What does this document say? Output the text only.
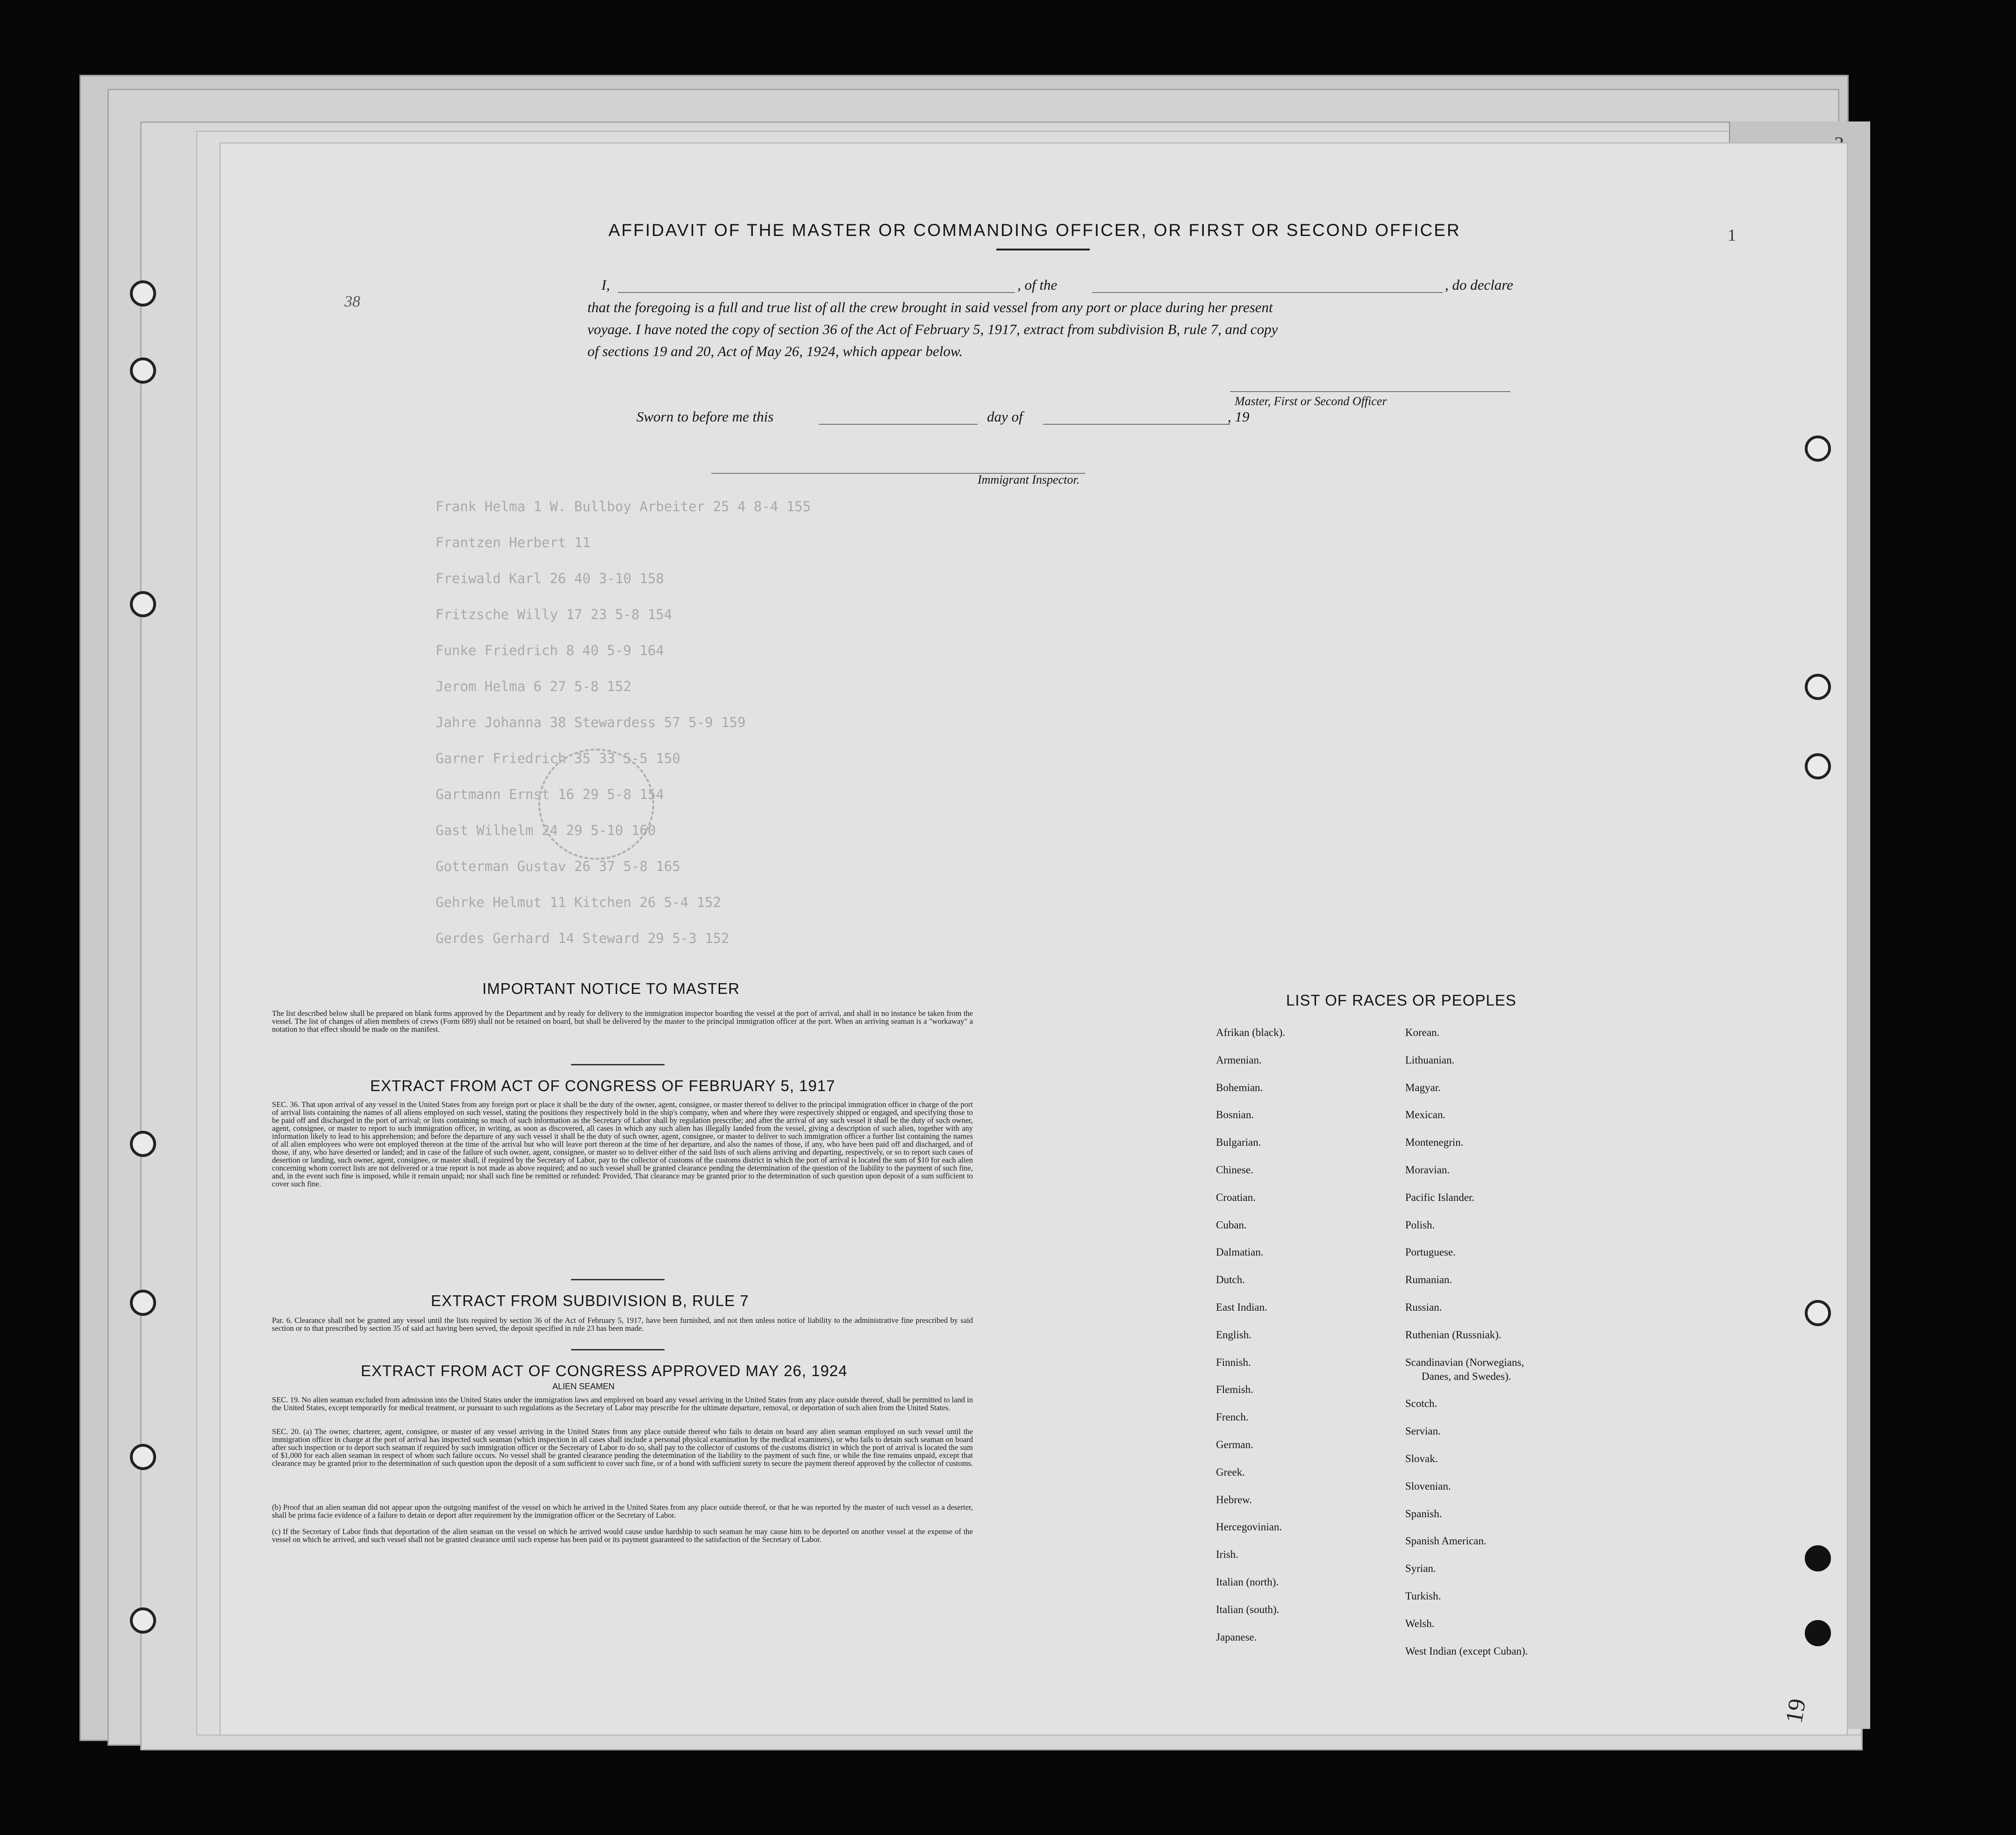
38
1
19
Frank Helma 1 W. Bullboy Arbeiter 25 4 8-4 155
Frantzen Herbert 11
Freiwald Karl 26 40 3-10 158
Fritzsche Willy 17 23 5-8 154
Funke Friedrich 8 40 5-9 164
Jerom Helma 6 27 5-8 152
Jahre Johanna 38 Stewardess 57 5-9 159
Garner Friedrich 35 33 5-5 150
Gartmann Ernst 16 29 5-8 154
Gast Wilhelm 24 29 5-10 160
Gotterman Gustav 26 37 5-8 165
Gehrke Helmut 11 Kitchen 26 5-4 152
Gerdes Gerhard 14 Steward 29 5-3 152
AFFIDAVIT OF THE MASTER OR COMMANDING OFFICER, OR FIRST OR SECOND OFFICER
I,	, of the	, do declare
that the foregoing is a full and true list of all the crew brought in said vessel from any port or place during her present
voyage. I have noted the copy of section 36 of the Act of February 5, 1917, extract from subdivision B, rule 7, and copy
of sections 19 and 20, Act of May 26, 1924, which appear below.
Master, First or Second Officer
Sworn to before me this	day of	, 19
Immigrant Inspector.
IMPORTANT NOTICE TO MASTER
The list described below shall be prepared on blank forms approved by the Department and by ready for delivery to the immigration inspector boarding the vessel at the port of arrival, and shall in no instance be taken from the vessel. The list of changes of alien members of crews (Form 689) shall not be retained on board, but shall be delivered by the master to the principal immigration officer at the port. When an arriving seaman is a "workaway" a notation to that effect should be made on the manifest.
EXTRACT FROM ACT OF CONGRESS OF FEBRUARY 5, 1917
SEC. 36. That upon arrival of any vessel in the United States from any foreign port or place it shall be the duty of the owner, agent, consignee, or master thereof to deliver to the principal immigration officer in charge of the port of arrival lists containing the names of all aliens employed on such vessel, stating the positions they respectively hold in the ship's company, when and where they were respectively shipped or engaged, and specifying those to be paid off and discharged in the port of arrival; or lists containing so much of such information as the Secretary of Labor shall by regulation prescribe; and after the arrival of any such vessel it shall be the duty of such owner, agent, consignee, or master to report to such immigration officer, in writing, as soon as discovered, all cases in which any such alien has illegally landed from the vessel, giving a description of such alien, together with any information likely to lead to his apprehension; and before the departure of any such vessel it shall be the duty of such owner, agent, consignee, or master to deliver to such immigration officer a further list containing the names of all alien employees who were not employed thereon at the time of the arrival but who will leave port thereon at the time of her departure, and also the names of those, if any, who have been paid off and discharged, and of those, if any, who have deserted or landed; and in case of the failure of such owner, agent, consignee, or master so to deliver either of the said lists of such aliens arriving and departing, respectively, or so to report such cases of desertion or landing, such owner, agent, consignee, or master shall, if required by the Secretary of Labor, pay to the collector of customs of the customs district in which the port of arrival is located the sum of $10 for each alien concerning whom correct lists are not delivered or a true report is not made as above required; and no such vessel shall be granted clearance pending the determination of the question of the liability to the payment of such fine, and, in the event such fine is imposed, while it remain unpaid; nor shall such fine be remitted or refunded: Provided, That clearance may be granted prior to the determination of such question upon deposit of a sum sufficient to cover such fine.
EXTRACT FROM SUBDIVISION B, RULE 7
Par. 6. Clearance shall not be granted any vessel until the lists required by section 36 of the Act of February 5, 1917, have been furnished, and not then unless notice of liability to the administrative fine prescribed by said section or to that prescribed by section 35 of said act having been served, the deposit specified in rule 23 has been made.
EXTRACT FROM ACT OF CONGRESS APPROVED MAY 26, 1924
ALIEN SEAMEN
SEC. 19. No alien seaman excluded from admission into the United States under the immigration laws and employed on board any vessel arriving in the United States from any place outside thereof, shall be permitted to land in the United States, except temporarily for medical treatment, or pursuant to such regulations as the Secretary of Labor may prescribe for the ultimate departure, removal, or deportation of such alien from the United States.
SEC. 20. (a) The owner, charterer, agent, consignee, or master of any vessel arriving in the United States from any place outside thereof who fails to detain on board any alien seaman employed on such vessel until the immigration officer in charge at the port of arrival has inspected such seaman (which inspection in all cases shall include a personal physical examination by the medical examiners), or who fails to detain such seaman on board after such inspection or to deport such seaman if required by such immigration officer or the Secretary of Labor to do so, shall pay to the collector of customs of the customs district in which the port of arrival is located the sum of $1,000 for each alien seaman in respect of whom such failure occurs. No vessel shall be granted clearance pending the determination of the liability to the payment of such fine, or while the fine remains unpaid, except that clearance may be granted prior to the determination of such question upon the deposit of a sum sufficient to cover such fine, or of a bond with sufficient surety to secure the payment thereof approved by the collector of customs.
(b) Proof that an alien seaman did not appear upon the outgoing manifest of the vessel on which he arrived in the United States from any place outside thereof, or that he was reported by the master of such vessel as a deserter, shall be prima facie evidence of a failure to detain or deport after requirement by the immigration officer or the Secretary of Labor.
(c) If the Secretary of Labor finds that deportation of the alien seaman on the vessel on which he arrived would cause undue hardship to such seaman he may cause him to be deported on another vessel at the expense of the vessel on which he arrived, and such vessel shall not be granted clearance until such expense has been paid or its payment guaranteed to the satisfaction of the Secretary of Labor.
LIST OF RACES OR PEOPLES
Afrikan (black).
Armenian.
Bohemian.
Bosnian.
Bulgarian.
Chinese.
Croatian.
Cuban.
Dalmatian.
Dutch.
East Indian.
English.
Finnish.
Flemish.
French.
German.
Greek.
Hebrew.
Hercegovinian.
Irish.
Italian (north).
Italian (south).
Japanese.
Korean.
Lithuanian.
Magyar.
Mexican.
Montenegrin.
Moravian.
Pacific Islander.
Polish.
Portuguese.
Rumanian.
Russian.
Ruthenian (Russniak).
Scandinavian (Norwegians,
Danes, and Swedes).
Scotch.
Servian.
Slovak.
Slovenian.
Spanish.
Spanish American.
Syrian.
Turkish.
Welsh.
West Indian (except Cuban).
